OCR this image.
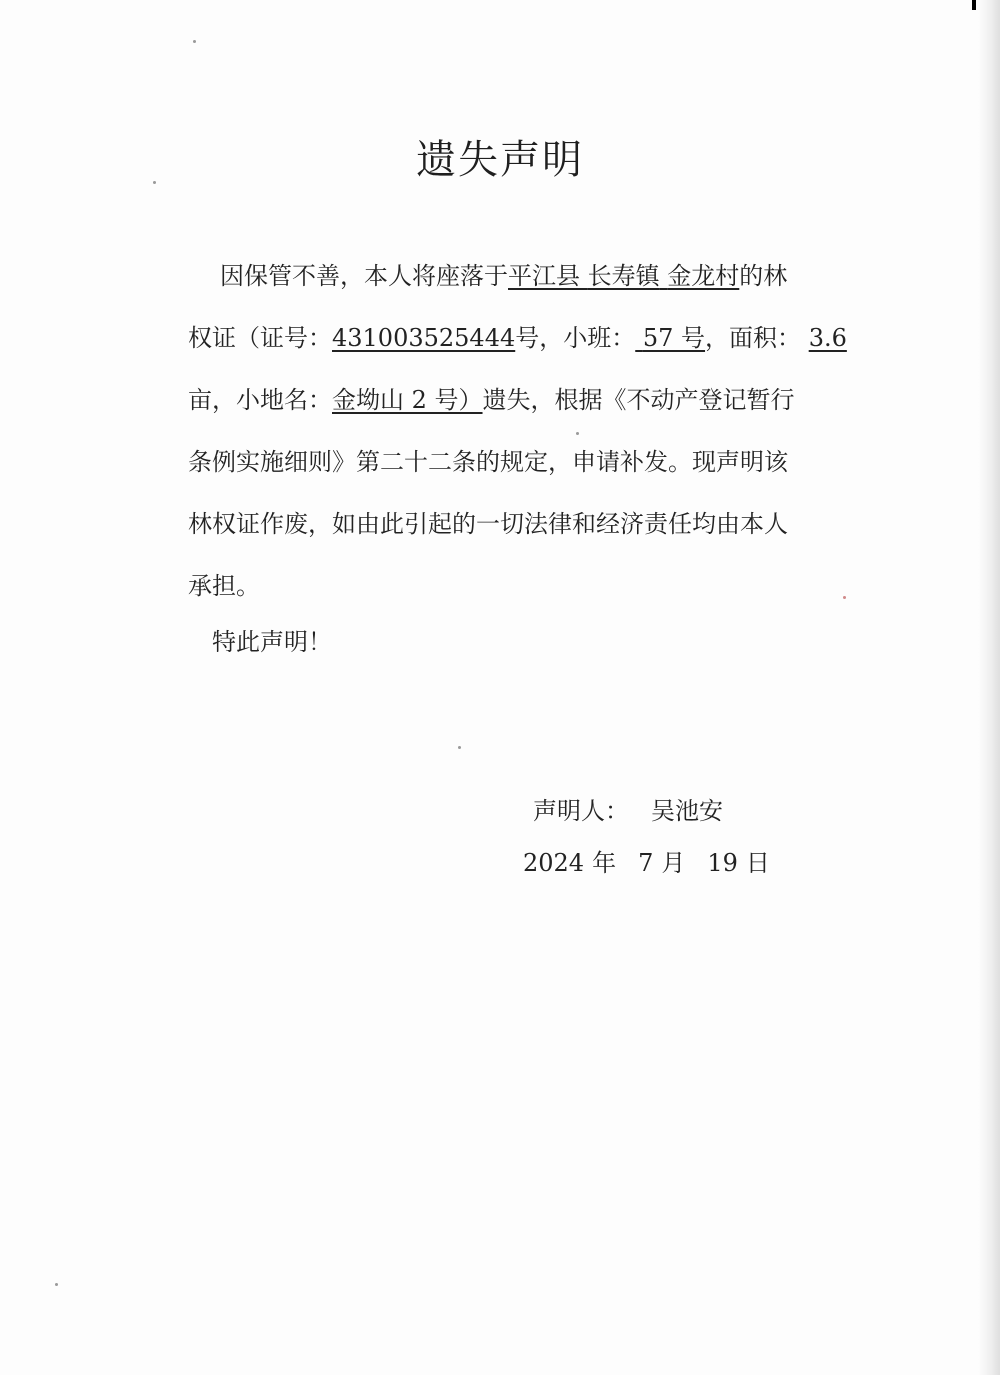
遗失声明
因保管不善，本人将座落于平江县 长寿镇 金龙村的林
权证（证号：431003525444号，小班： 57 号，面积： 3.6
亩，小地名：金坳山 2 号）遗失，根据《不动产登记暂行
条例实施细则》第二十二条的规定，申请补发。现声明该
林权证作废，如由此引起的一切法律和经济责任均由本人
承担。
特此声明！
声明人： 吴池安
2024 年 7 月 19 日
